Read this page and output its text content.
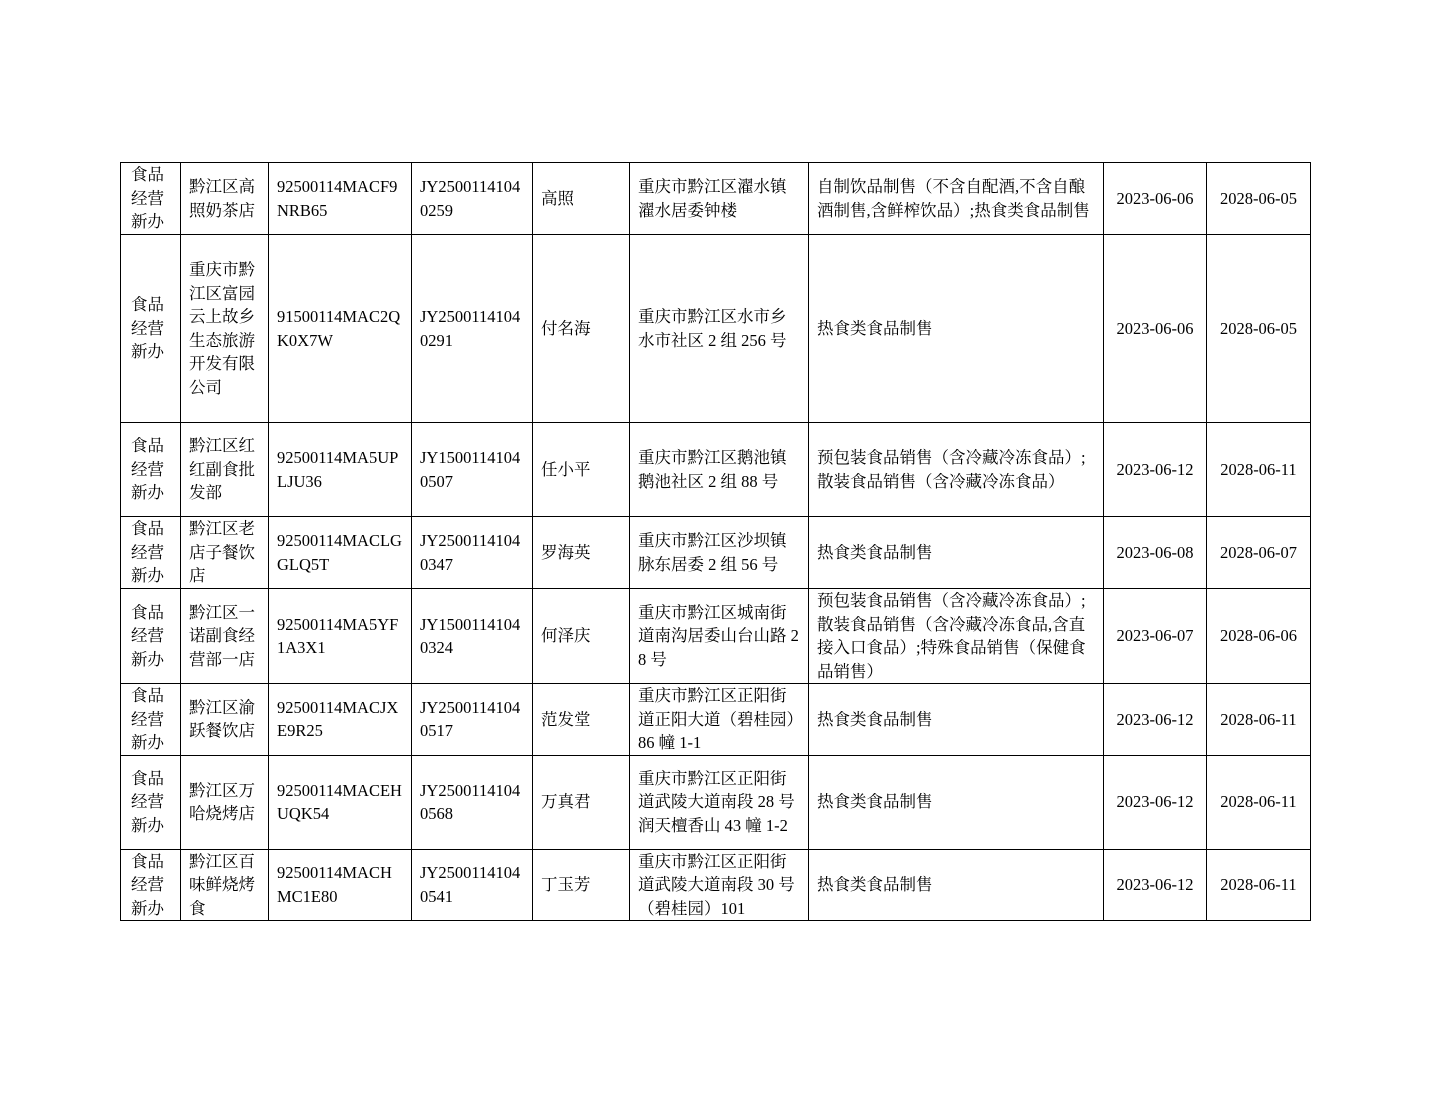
食品经营新办	黔江区高照奶茶店	92500114MACF9NRB65	JY25001141040259	高照	重庆市黔江区濯水镇濯水居委钟楼	自制饮品制售（不含自配酒,不含自酿酒制售,含鲜榨饮品）;热食类食品制售	2023-06-06	2028-06-05
食品经营新办	重庆市黔江区富园云上故乡生态旅游开发有限公司	91500114MAC2QK0X7W	JY25001141040291	付名海	重庆市黔江区水市乡水市社区 2 组 256 号	热食类食品制售	2023-06-06	2028-06-05
食品经营新办	黔江区红红副食批发部	92500114MA5UPLJU36	JY15001141040507	任小平	重庆市黔江区鹅池镇鹅池社区 2 组 88 号	预包装食品销售（含冷藏冷冻食品）;散装食品销售（含冷藏冷冻食品）	2023-06-12	2028-06-11
食品经营新办	黔江区老店子餐饮店	92500114MACLGGLQ5T	JY25001141040347	罗海英	重庆市黔江区沙坝镇脉东居委 2 组 56 号	热食类食品制售	2023-06-08	2028-06-07
食品经营新办	黔江区一诺副食经营部一店	92500114MA5YF1A3X1	JY15001141040324	何泽庆	重庆市黔江区城南街道南沟居委山台山路 28 号	预包装食品销售（含冷藏冷冻食品）;散装食品销售（含冷藏冷冻食品,含直接入口食品）;特殊食品销售（保健食品销售）	2023-06-07	2028-06-06
食品经营新办	黔江区渝跃餐饮店	92500114MACJXE9R25	JY25001141040517	范发堂	重庆市黔江区正阳街道正阳大道（碧桂园）86 幢 1-1	热食类食品制售	2023-06-12	2028-06-11
食品经营新办	黔江区万哈烧烤店	92500114MACEHUQK54	JY25001141040568	万真君	重庆市黔江区正阳街道武陵大道南段 28 号润天檀香山 43 幢 1-2	热食类食品制售	2023-06-12	2028-06-11
食品经营新办	黔江区百味鲜烧烤食	92500114MACHMC1E80	JY25001141040541	丁玉芳	重庆市黔江区正阳街道武陵大道南段 30 号（碧桂园）101	热食类食品制售	2023-06-12	2028-06-11
